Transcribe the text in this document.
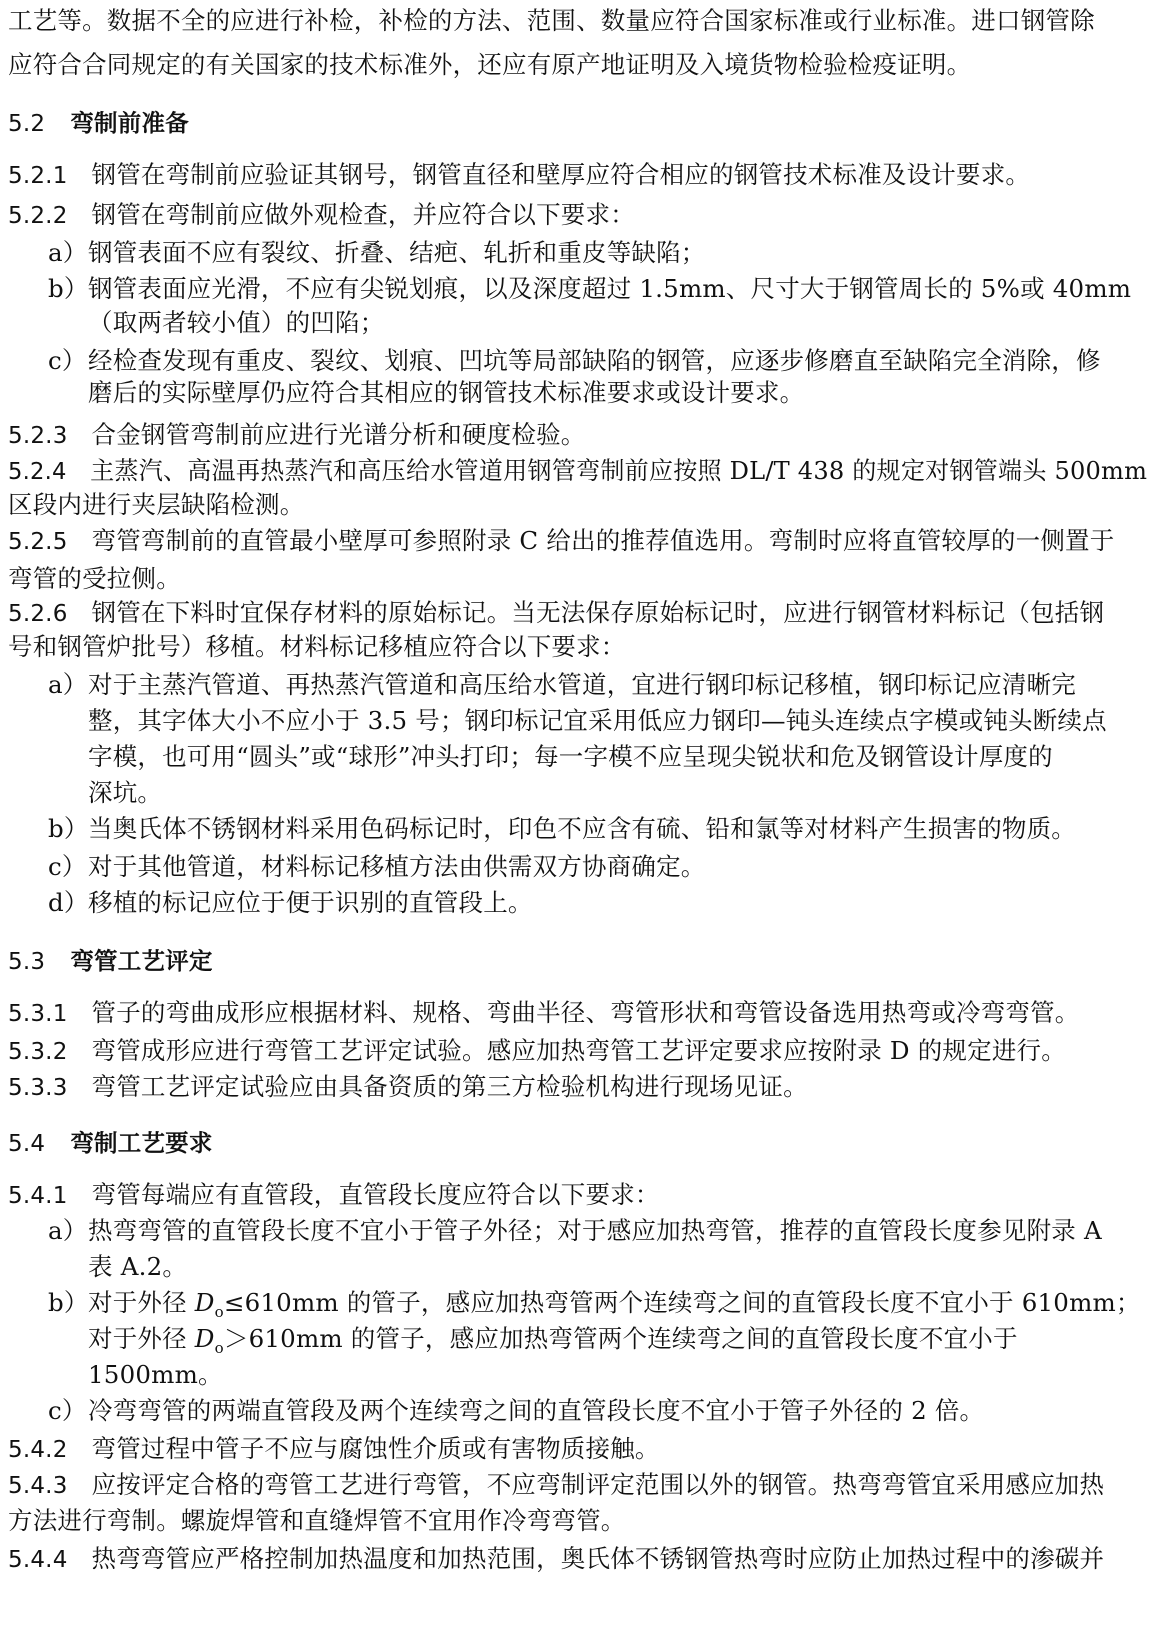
工艺等。数据不全的应进行补检，补检的方法、范围、数量应符合国家标准或行业标准。进口钢管除
应符合合同规定的有关国家的技术标准外，还应有原产地证明及入境货物检验检疫证明。
5.2 弯制前准备
5.2.1 钢管在弯制前应验证其钢号，钢管直径和壁厚应符合相应的钢管技术标准及设计要求。
5.2.2 钢管在弯制前应做外观检查，并应符合以下要求：
a）钢管表面不应有裂纹、折叠、结疤、轧折和重皮等缺陷；
b）钢管表面应光滑，不应有尖锐划痕，以及深度超过 1.5mm、尺寸大于钢管周长的 5%或 40mm
（取两者较小值）的凹陷；
c）经检查发现有重皮、裂纹、划痕、凹坑等局部缺陷的钢管，应逐步修磨直至缺陷完全消除，修
磨后的实际壁厚仍应符合其相应的钢管技术标准要求或设计要求。
5.2.3 合金钢管弯制前应进行光谱分析和硬度检验。
5.2.4 主蒸汽、高温再热蒸汽和高压给水管道用钢管弯制前应按照 DL/T 438 的规定对钢管端头 500mm
区段内进行夹层缺陷检测。
5.2.5 弯管弯制前的直管最小壁厚可参照附录 C 给出的推荐值选用。弯制时应将直管较厚的一侧置于
弯管的受拉侧。
5.2.6 钢管在下料时宜保存材料的原始标记。当无法保存原始标记时，应进行钢管材料标记（包括钢
号和钢管炉批号）移植。材料标记移植应符合以下要求：
a）对于主蒸汽管道、再热蒸汽管道和高压给水管道，宜进行钢印标记移植，钢印标记应清晰完
整，其字体大小不应小于 3.5 号；钢印标记宜采用低应力钢印—钝头连续点字模或钝头断续点
字模，也可用“圆头”或“球形”冲头打印；每一字模不应呈现尖锐状和危及钢管设计厚度的
深坑。
b）当奥氏体不锈钢材料采用色码标记时，印色不应含有硫、铅和氯等对材料产生损害的物质。
c）对于其他管道，材料标记移植方法由供需双方协商确定。
d）移植的标记应位于便于识别的直管段上。
5.3 弯管工艺评定
5.3.1 管子的弯曲成形应根据材料、规格、弯曲半径、弯管形状和弯管设备选用热弯或冷弯弯管。
5.3.2 弯管成形应进行弯管工艺评定试验。感应加热弯管工艺评定要求应按附录 D 的规定进行。
5.3.3 弯管工艺评定试验应由具备资质的第三方检验机构进行现场见证。
5.4 弯制工艺要求
5.4.1 弯管每端应有直管段，直管段长度应符合以下要求：
a）热弯弯管的直管段长度不宜小于管子外径；对于感应加热弯管，推荐的直管段长度参见附录 A
表 A.2。
b）对于外径 $D_o\le 610mm$ 的管子，感应加热弯管两个连续弯之间的直管段长度不宜小于 610mm；
对于外径 $D_o>610mm$ 的管子，感应加热弯管两个连续弯之间的直管段长度不宜小于
1500mm。
c）冷弯弯管的两端直管段及两个连续弯之间的直管段长度不宜小于管子外径的 2 倍。
5.4.2 弯管过程中管子不应与腐蚀性介质或有害物质接触。
5.4.3 应按评定合格的弯管工艺进行弯管，不应弯制评定范围以外的钢管。热弯弯管宜采用感应加热
方法进行弯制。螺旋焊管和直缝焊管不宜用作冷弯弯管。
5.4.4 热弯弯管应严格控制加热温度和加热范围，奥氏体不锈钢管热弯时应防止加热过程中的渗碳并
